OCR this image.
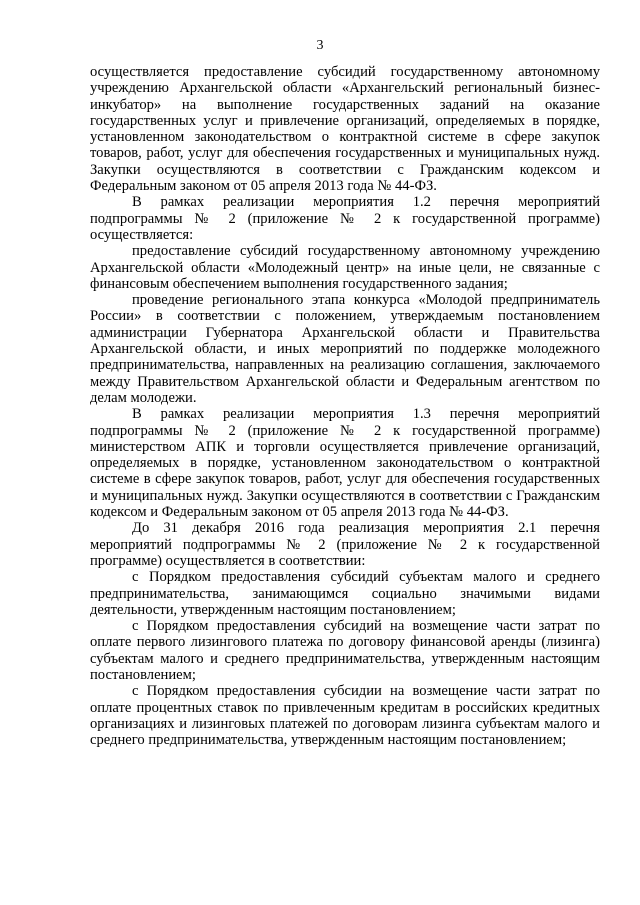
3

осуществляется предоставление субсидий государственному автономному учреждению Архангельской области «Архангельский региональный бизнес-инкубатор» на выполнение государственных заданий на оказание государственных услуг и привлечение организаций, определяемых в порядке, установленном законодательством о контрактной системе в сфере закупок товаров, работ, услуг для обеспечения государственных и муниципальных нужд. Закупки осуществляются в соответствии с Гражданским кодексом и Федеральным законом от 05 апреля 2013 года № 44-ФЗ.

В рамках реализации мероприятия 1.2 перечня мероприятий подпрограммы № 2 (приложение № 2 к государственной программе) осуществляется:

предоставление субсидий государственному автономному учреждению Архангельской области «Молодежный центр» на иные цели, не связанные с финансовым обеспечением выполнения государственного задания;

проведение регионального этапа конкурса «Молодой предприниматель России» в соответствии с положением, утверждаемым постановлением администрации Губернатора Архангельской области и Правительства Архангельской области, и иных мероприятий по поддержке молодежного предпринимательства, направленных на реализацию соглашения, заключаемого между Правительством Архангельской области и Федеральным агентством по делам молодежи.

В рамках реализации мероприятия 1.3 перечня мероприятий подпрограммы № 2 (приложение № 2 к государственной программе) министерством АПК и торговли осуществляется привлечение организаций, определяемых в порядке, установленном законодательством о контрактной системе в сфере закупок товаров, работ, услуг для обеспечения государственных и муниципальных нужд. Закупки осуществляются в соответствии с Гражданским кодексом и Федеральным законом от 05 апреля 2013 года № 44-ФЗ.

До 31 декабря 2016 года реализация мероприятия 2.1 перечня мероприятий подпрограммы № 2 (приложение № 2 к государственной программе) осуществляется в соответствии:

с Порядком предоставления субсидий субъектам малого и среднего предпринимательства, занимающимся социально значимыми видами деятельности, утвержденным настоящим постановлением;

с Порядком предоставления субсидий на возмещение части затрат по оплате первого лизингового платежа по договору финансовой аренды (лизинга) субъектам малого и среднего предпринимательства, утвержденным настоящим постановлением;

с Порядком предоставления субсидии на возмещение части затрат по оплате процентных ставок по привлеченным кредитам в российских кредитных организациях и лизинговых платежей по договорам лизинга субъектам малого и среднего предпринимательства, утвержденным настоящим постановлением;
